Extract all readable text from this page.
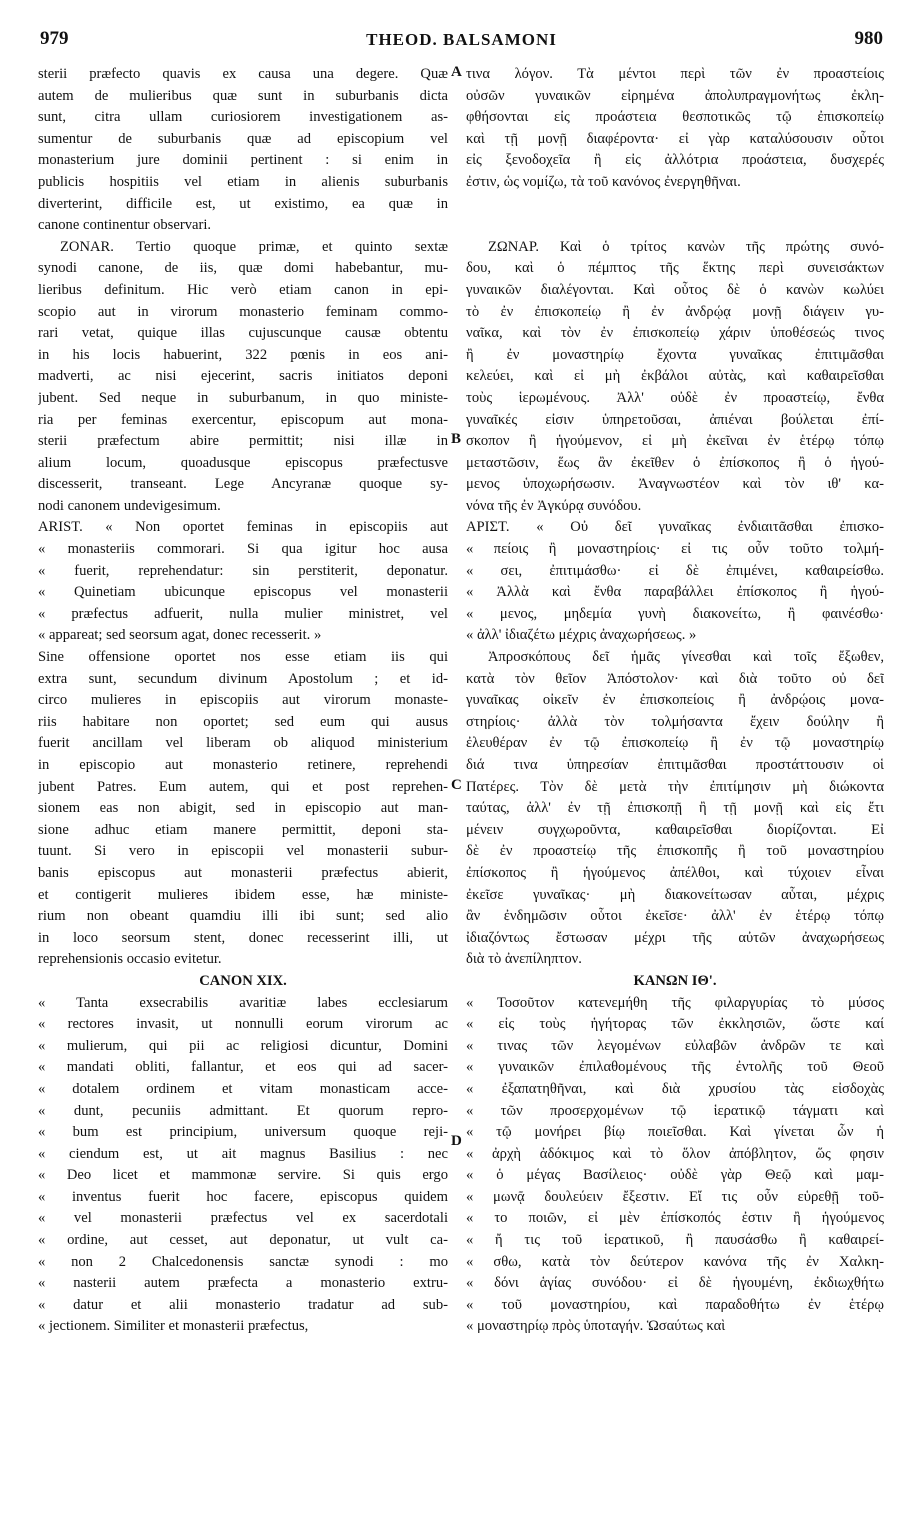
979	THEOD. BALSAMONI	980
sterii præfecto quavis ex causa una degere. Quæ
autem de mulieribus quæ sunt in suburbanis dicta
sunt, citra ullam curiosiorem investigationem as-
sumentur de suburbanis quæ ad episcopium vel
monasterium jure dominii pertinent : si enim in
publicis hospitiis vel etiam in alienis suburbanis
diverterint, difficile est, ut existimo, ea quæ in
canone continentur observari.
ZONAR. Tertio quoque primæ, et quinto sextæ
synodi canone, de iis, quæ domi habebantur, mu-
lieribus definitum. Hic verò etiam canon in epi-
scopio aut in virorum monasterio feminam commo-
rari vetat, quique illas cujuscunque causæ obtentu
in his locis habuerint, 322 pœnis in eos ani-
madverti, ac nisi ejecerint, sacris initiatos deponi
jubent. Sed neque in suburbanum, in quo ministe-
ria per feminas exercentur, episcopum aut mona-
sterii præfectum abire permittit; nisi illæ in
alium locum, quoadusque episcopus præfectusve
discesserit, transeant. Lege Ancyranæ quoque sy-
nodi canonem undevigesimum.
ARIST. « Non oportet feminas in episcopiis aut
« monasteriis commorari. Si qua igitur hoc ausa
« fuerit, reprehendatur: sin perstiterit, deponatur.
« Quinetiam ubicunque episcopus vel monasterii
« præfectus adfuerit, nulla mulier ministret, vel
« appareat; sed seorsum agat, donec recesserit. »
Sine offensione oportet nos esse etiam iis qui
extra sunt, secundum divinum Apostolum ; et id-
circo mulieres in episcopiis aut virorum monaste-
riis habitare non oportet; sed eum qui ausus
fuerit ancillam vel liberam ob aliquod ministerium
in episcopio aut monasterio retinere, reprehendi
jubent Patres. Eum autem, qui et post reprehen-
sionem eas non abigit, sed in episcopio aut man-
sione adhuc etiam manere permittit, deponi sta-
tuunt. Si vero in episcopii vel monasterii subur-
banis episcopus aut monasterii præfectus abierit,
et contigerit mulieres ibidem esse, hæ ministe-
rium non obeant quamdiu illi ibi sunt; sed alio
in loco seorsum stent, donec recesserint illi, ut
reprehensionis occasio evitetur.
CANON XIX.
« Tanta exsecrabilis avaritiæ labes ecclesiarum
« rectores invasit, ut nonnulli eorum virorum ac
« mulierum, qui pii ac religiosi dicuntur, Domini
« mandati obliti, fallantur, et eos qui ad sacer-
« dotalem ordinem et vitam monasticam acce-
« dunt, pecuniis admittant. Et quorum repro-
« bum est principium, universum quoque reji-
« ciendum est, ut ait magnus Basilius : nec
« Deo licet et mammonæ servire. Si quis ergo
« inventus fuerit hoc facere, episcopus quidem
« vel monasterii præfectus vel ex sacerdotali
« ordine, aut cesset, aut deponatur, ut vult ca-
« non 2 Chalcedonensis sanctæ synodi : mo
« nasterii autem præfecta a monasterio extru-
« datur et alii monasterio tradatur ad sub-
« jectionem. Similiter et monasterii præfectus,
τινα λόγον. Τὰ μέντοι περὶ τῶν ἐν προαστείοις
οὐσῶν γυναικῶν εἰρημένα ἀπολυπραγμονήτως ἐκλη-
φθήσονται εἰς προάστεια θεσποτικῶς τῷ ἐπισκοπείῳ
καὶ τῇ μονῇ διαφέροντα· εἰ γὰρ καταλύσουσιν οὗτοι
εἰς ξενοδοχεῖα ἢ εἰς ἀλλότρια προάστεια, δυσχερές
ἐστιν, ὡς νομίζω, τὰ τοῦ κανόνος ἐνεργηθῆναι.
ΖΩΝΑΡ. Καὶ ὁ τρίτος κανὼν τῆς πρώτης συνό-
δου, καὶ ὁ πέμπτος τῆς ἕκτης περὶ συνεισάκτων
γυναικῶν διαλέγονται. Καὶ οὗτος δὲ ὁ κανὼν κωλύει
τὸ ἐν ἐπισκοπείῳ ἢ ἐν ἀνδρῴᾳ μονῇ διάγειν γυ-
ναῖκα, καὶ τὸν ἐν ἐπισκοπείῳ χάριν ὑποθέσεώς τινος
ἢ ἐν μοναστηρίῳ ἔχοντα γυναῖκας ἐπιτιμᾶσθαι
κελεύει, καὶ εἰ μὴ ἐκβάλοι αὐτὰς, καὶ καθαιρεῖσθαι
τοὺς ἱερωμένους. Ἀλλ' οὐδὲ ἐν προαστείῳ, ἔνθα
γυναῖκές εἰσιν ὑπηρετοῦσαι, ἀπιέναι βούλεται ἐπί-
σκοπον ἢ ἡγούμενον, εἰ μὴ ἐκεῖναι ἐν ἑτέρῳ τόπῳ
μεταστῶσιν, ἕως ἂν ἐκεῖθεν ὁ ἐπίσκοπος ἢ ὁ ἡγού-
μενος ὑποχωρήσωσιν. Ἀναγνωστέον καὶ τὸν ιθ' κα-
νόνα τῆς ἐν Ἀγκύρᾳ συνόδου.
ΑΡΙΣΤ. « Οὐ δεῖ γυναῖκας ἐνδιαιτᾶσθαι ἐπισκο-
« πείοις ἢ μοναστηρίοις· εἰ τις οὖν τοῦτο τολμή-
« σει, ἐπιτιμάσθω· εἰ δὲ ἐπιμένει, καθαιρείσθω.
« Ἀλλὰ καὶ ἔνθα παραβάλλει ἐπίσκοπος ἢ ἡγού-
« μενος, μηδεμία γυνὴ διακονείτω, ἢ φαινέσθω·
« ἀλλ' ἰδιαζέτω μέχρις ἀναχωρήσεως. »
Ἀπροσκόπους δεῖ ἡμᾶς γίνεσθαι καὶ τοῖς ἔξωθεν,
κατὰ τὸν θεῖον Ἀπόστολον· καὶ διὰ τοῦτο οὐ δεῖ
γυναῖκας οἰκεῖν ἐν ἐπισκοπείοις ἢ ἀνδρῴοις μονα-
στηρίοις· ἀλλὰ τὸν τολμήσαντα ἔχειν δούλην ἢ
ἐλευθέραν ἐν τῷ ἐπισκοπείῳ ἢ ἐν τῷ μοναστηρίῳ
διά τινα ὑπηρεσίαν ἐπιτιμᾶσθαι προστάττουσιν οἱ
Πατέρες. Τὸν δὲ μετὰ τὴν ἐπιτίμησιν μὴ διώκοντα
ταύτας, ἀλλ' ἐν τῇ ἐπισκοπῇ ἢ τῇ μονῇ καὶ εἰς ἔτι
μένειν συγχωροῦντα, καθαιρεῖσθαι διορίζονται. Εἰ
δὲ ἐν προαστείῳ τῆς ἐπισκοπῆς ἢ τοῦ μοναστηρίου
ἐπίσκοπος ἢ ἡγούμενος ἀπέλθοι, καὶ τύχοιεν εἶναι
ἐκεῖσε γυναῖκας· μὴ διακονείτωσαν αὗται, μέχρις
ἂν ἐνδημῶσιν οὗτοι ἐκεῖσε· ἀλλ' ἐν ἑτέρῳ τόπῳ
ἰδιαζόντως ἔστωσαν μέχρι τῆς αὐτῶν ἀναχωρήσεως
διὰ τὸ ἀνεπίληπτον.
ΚΑΝΩΝ ΙΘ'.
« Τοσοῦτον κατενεμήθη τῆς φιλαργυρίας τὸ μύσος
« εἰς τοὺς ἡγήτορας τῶν ἐκκλησιῶν, ὥστε καί
« τινας τῶν λεγομένων εὐλαβῶν ἀνδρῶν τε καὶ
« γυναικῶν ἐπιλαθομένους τῆς ἐντολῆς τοῦ Θεοῦ
« ἐξαπατηθῆναι, καὶ διὰ χρυσίου τὰς εἰσδοχὰς
« τῶν προσερχομένων τῷ ἱερατικῷ τάγματι καὶ
« τῷ μονήρει βίῳ ποιεῖσθαι. Καὶ γίνεται ὧν ἡ
« ἀρχὴ ἀδόκιμος καὶ τὸ ὅλον ἀπόβλητον, ὥς φησιν
« ὁ μέγας Βασίλειος· οὐδὲ γὰρ Θεῷ καὶ μαμ-
« μωνᾷ δουλεύειν ἔξεστιν. Εἴ τις οὖν εὑρεθῇ τοῦ-
« το ποιῶν, εἰ μὲν ἐπίσκοπός ἐστιν ἢ ἡγούμενος
« ἤ τις τοῦ ἱερατικοῦ, ἢ παυσάσθω ἢ καθαιρεί-
« σθω, κατὰ τὸν δεύτερον κανόνα τῆς ἐν Χαλκη-
« δόνι ἁγίας συνόδου· εἰ δὲ ἡγουμένη, ἐκδιωχθήτω
« τοῦ μοναστηρίου, καὶ παραδοθήτω ἐν ἑτέρῳ
« μοναστηρίῳ πρὸς ὑποταγήν. Ὡσαύτως καὶ
A
B
C
D
